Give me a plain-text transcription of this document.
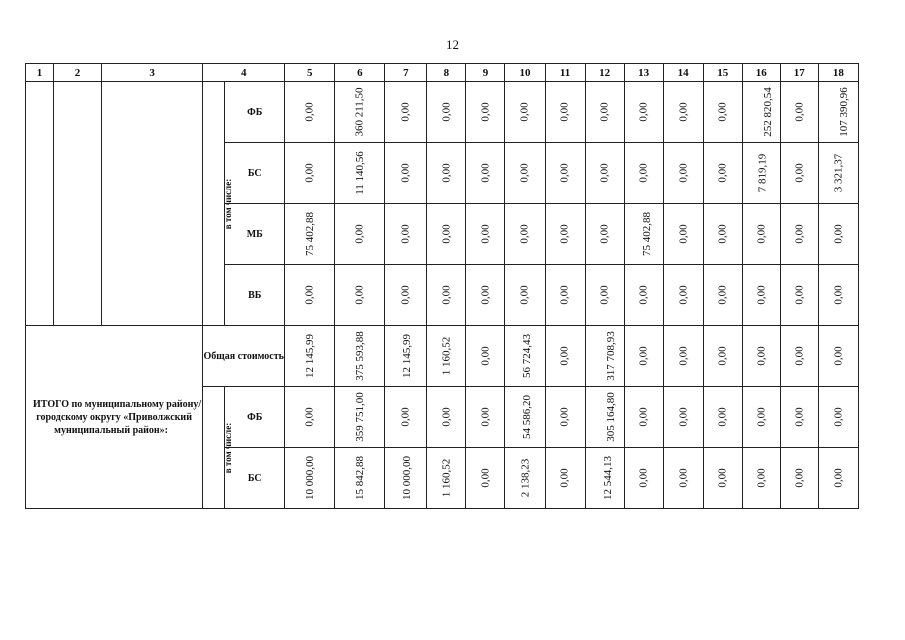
12
1	2	3	4		5	6	7	8	9	10	11	12	13	14	15	16	17	18
			в том числе:	ФБ	0,00	360 211,50	0,00	0,00	0,00	0,00	0,00	0,00	0,00	0,00	0,00	252 820,54	0,00	107 390,96
				БС	0,00	11 140,56	0,00	0,00	0,00	0,00	0,00	0,00	0,00	0,00	0,00	7 819,19	0,00	3 321,37
				МБ	75 402,88	0,00	0,00	0,00	0,00	0,00	0,00	0,00	75 402,88	0,00	0,00	0,00	0,00	0,00
				ВБ	0,00	0,00	0,00	0,00	0,00	0,00	0,00	0,00	0,00	0,00	0,00	0,00	0,00	0,00
ИТОГО по муниципальному району/городскому округу «Приволжский муниципальный район»:			Общая стоимость		12 145,99	375 593,88	12 145,99	1 160,52	0,00	56 724,43	0,00	317 708,93	0,00	0,00	0,00	0,00	0,00	0,00
			в том числе:	ФБ	0,00	359 751,00	0,00	0,00	0,00	54 586,20	0,00	305 164,80	0,00	0,00	0,00	0,00	0,00	0,00
				БС	10 000,00	15 842,88	10 000,00	1 160,52	0,00	2 138,23	0,00	12 544,13	0,00	0,00	0,00	0,00	0,00	0,00
